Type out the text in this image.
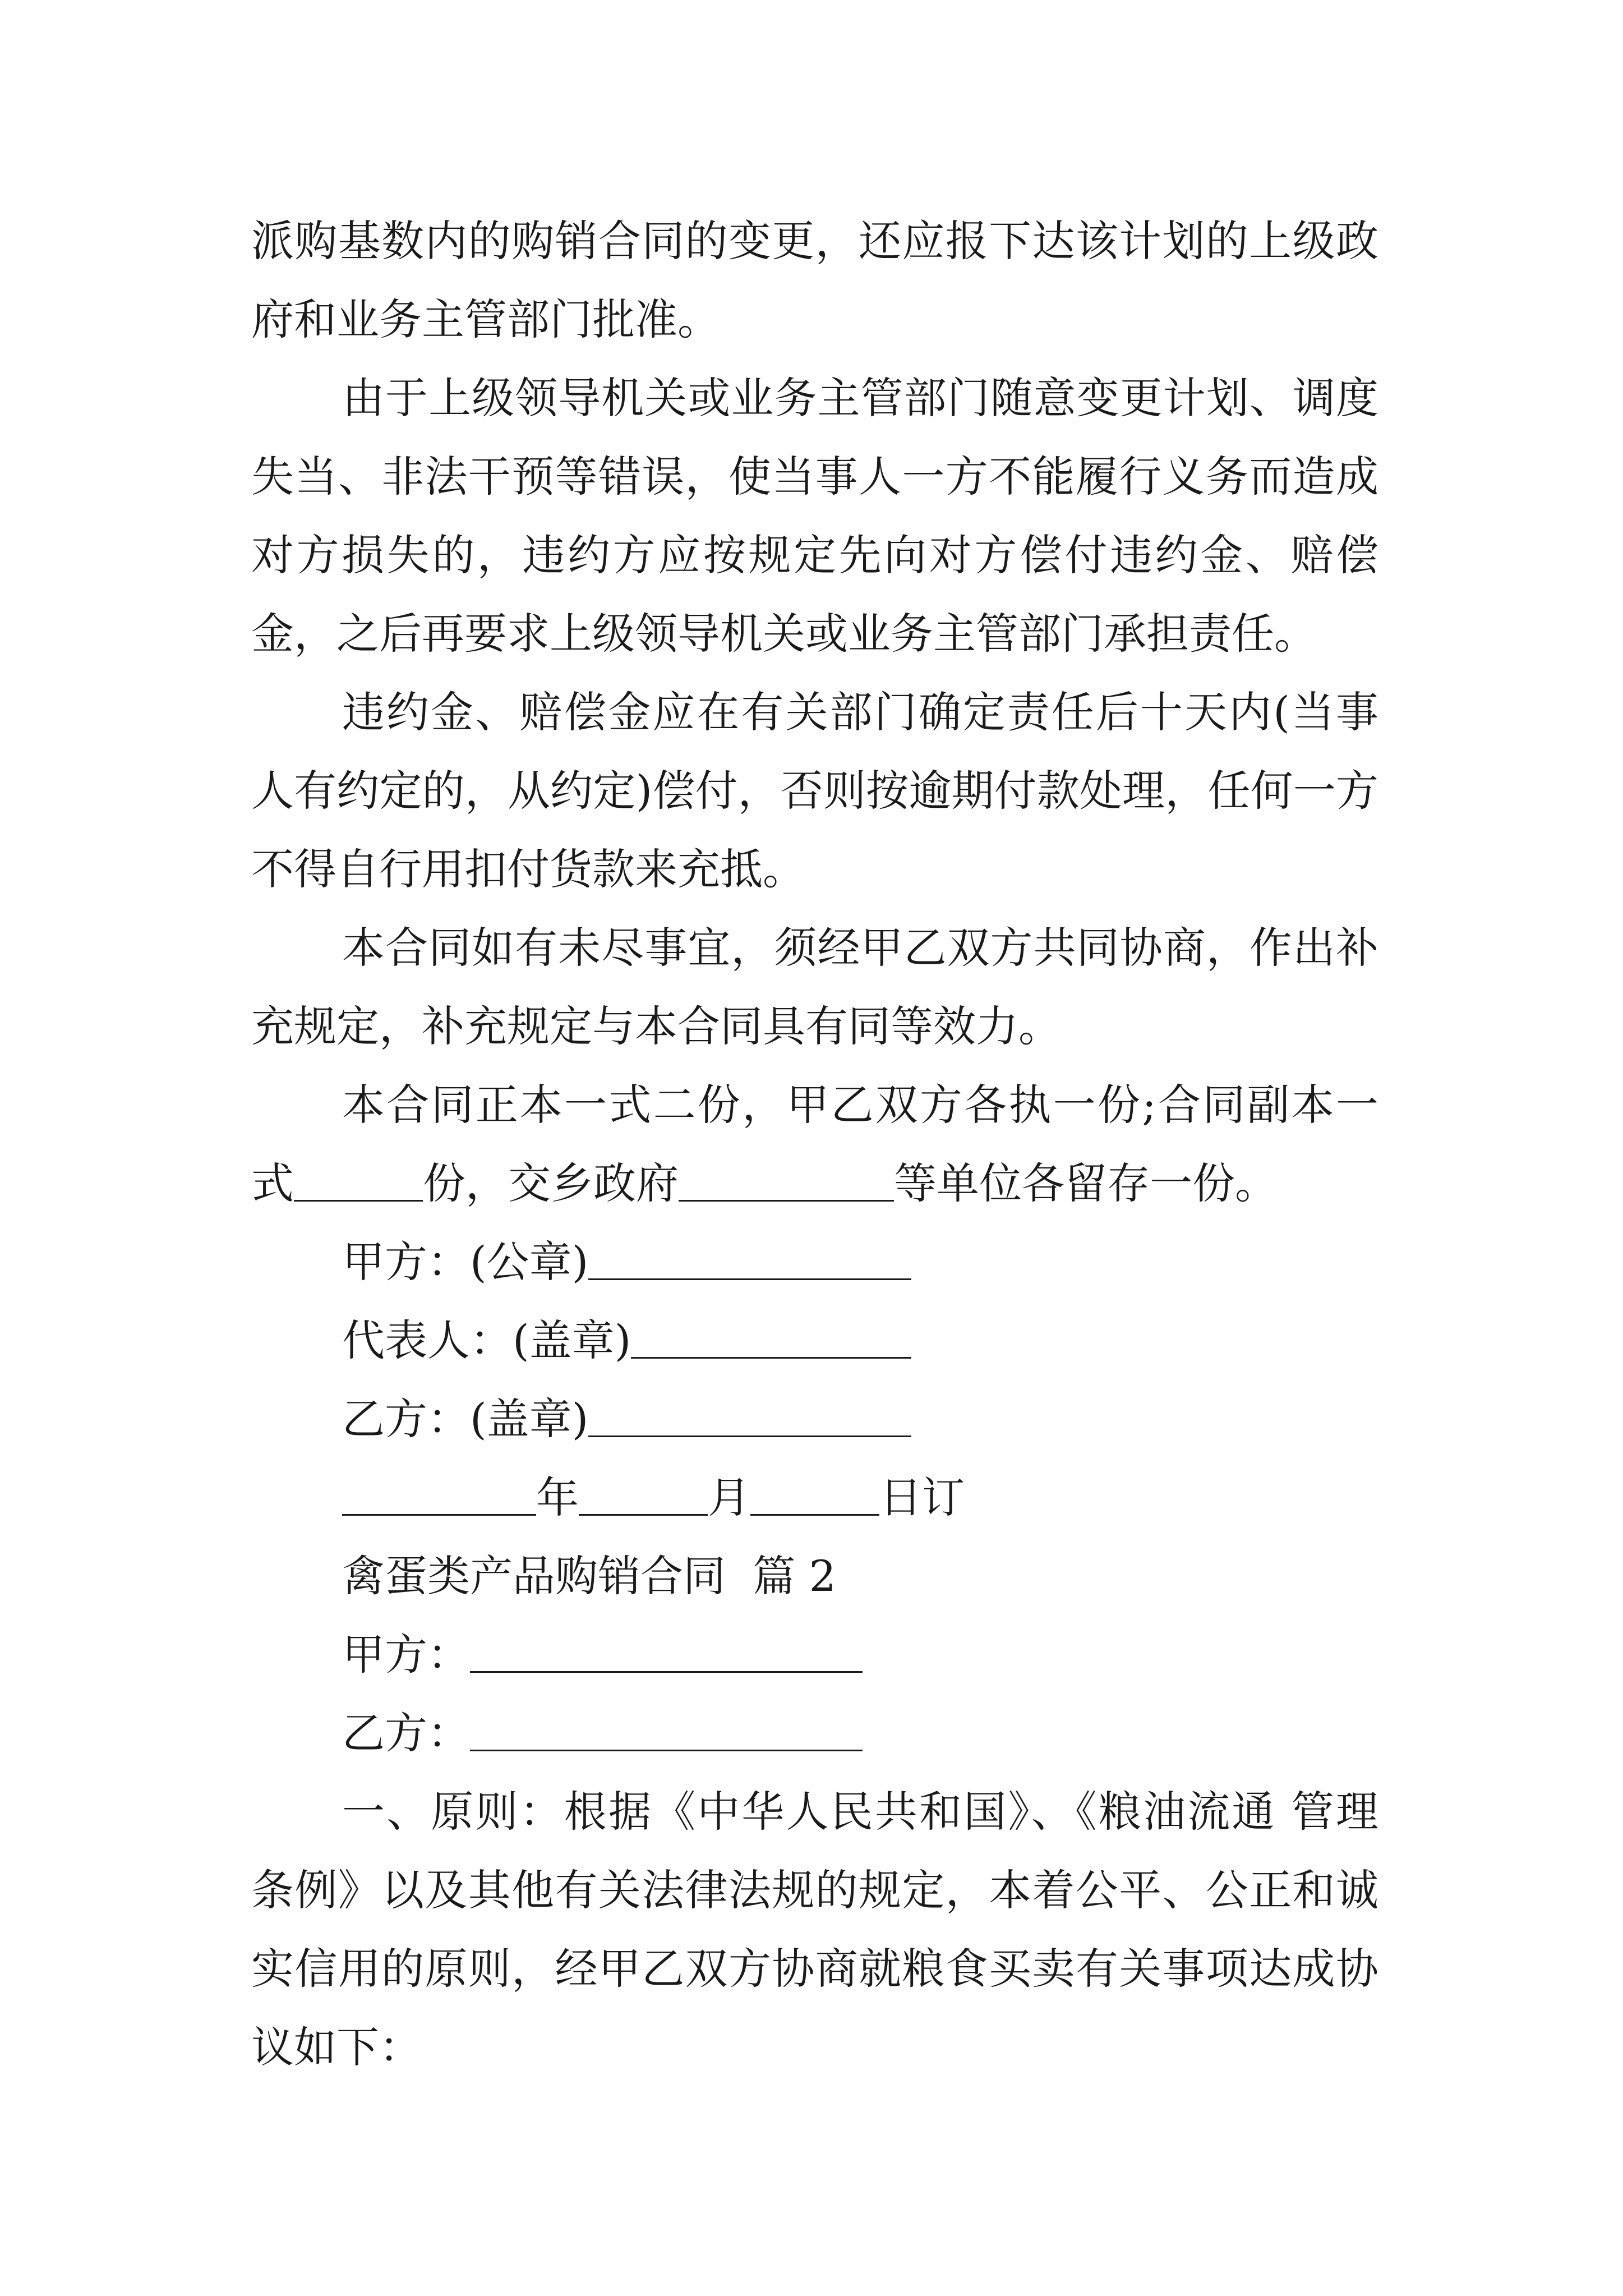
派购基数内的购销合同的变更，还应报下达该计划的上级政府和业务主管部门批准。

由于上级领导机关或业务主管部门随意变更计划、调度失当、非法干预等错误，使当事人一方不能履行义务而造成对方损失的，违约方应按规定先向对方偿付违约金、赔偿金，之后再要求上级领导机关或业务主管部门承担责任。

违约金、赔偿金应在有关部门确定责任后十天内(当事人有约定的，从约定)偿付，否则按逾期付款处理，任何一方不得自行用扣付货款来充抵。

本合同如有未尽事宜，须经甲乙双方共同协商，作出补充规定，补充规定与本合同具有同等效力。

本合同正本一式二份，甲乙双方各执一份;合同副本一式	份，交乡政府	等单位各留存一份。

甲方：(公章)

代表人：(盖章)

乙方：(盖章)

年	月	日订

禽蛋类产品购销合同  篇 2

甲方：

乙方：

一、原则：根据《中华人民共和国》、《粮油流通 管理条例》以及其他有关法律法规的规定，本着公平、公正和诚实信用的原则，经甲乙双方协商就粮食买卖有关事项达成协议如下：
